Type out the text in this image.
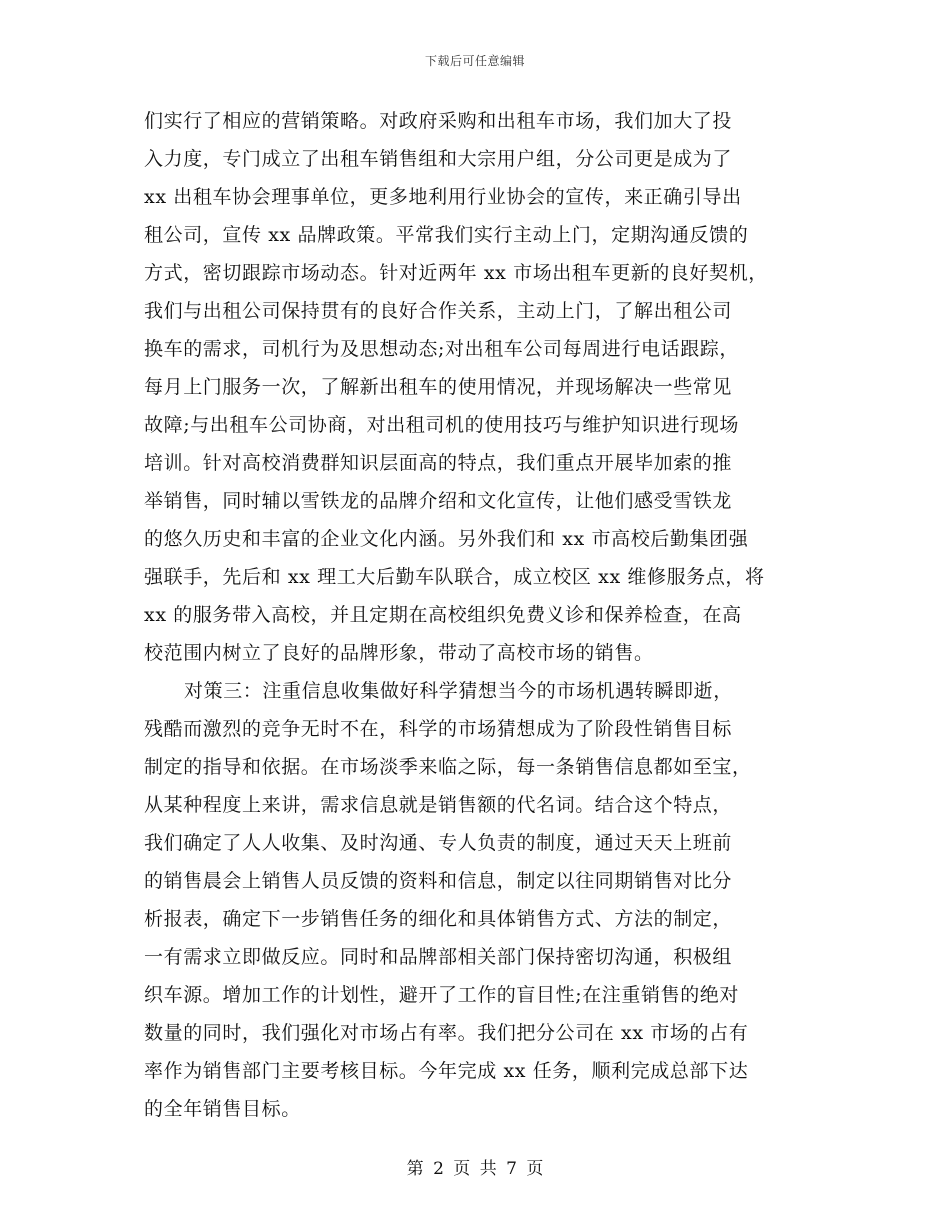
下载后可任意编辑
们实行了相应的营销策略。对政府采购和出租车市场，我们加大了投
入力度，专门成立了出租车销售组和大宗用户组，分公司更是成为了
xx 出租车协会理事单位，更多地利用行业协会的宣传，来正确引导出
租公司，宣传 xx 品牌政策。平常我们实行主动上门，定期沟通反馈的
方式，密切跟踪市场动态。针对近两年 xx 市场出租车更新的良好契机，
我们与出租公司保持贯有的良好合作关系，主动上门，了解出租公司
换车的需求，司机行为及思想动态;对出租车公司每周进行电话跟踪，
每月上门服务一次，了解新出租车的使用情况，并现场解决一些常见
故障;与出租车公司协商，对出租司机的使用技巧与维护知识进行现场
培训。针对高校消费群知识层面高的特点，我们重点开展毕加索的推
举销售，同时辅以雪铁龙的品牌介绍和文化宣传，让他们感受雪铁龙
的悠久历史和丰富的企业文化内涵。另外我们和 xx 市高校后勤集团强
强联手，先后和 xx 理工大后勤车队联合，成立校区 xx 维修服务点，将
xx 的服务带入高校，并且定期在高校组织免费义诊和保养检查，在高
校范围内树立了良好的品牌形象，带动了高校市场的销售。
对策三：注重信息收集做好科学猜想当今的市场机遇转瞬即逝，
残酷而激烈的竞争无时不在，科学的市场猜想成为了阶段性销售目标
制定的指导和依据。在市场淡季来临之际，每一条销售信息都如至宝，
从某种程度上来讲，需求信息就是销售额的代名词。结合这个特点，
我们确定了人人收集、及时沟通、专人负责的制度，通过天天上班前
的销售晨会上销售人员反馈的资料和信息，制定以往同期销售对比分
析报表，确定下一步销售任务的细化和具体销售方式、方法的制定，
一有需求立即做反应。同时和品牌部相关部门保持密切沟通，积极组
织车源。增加工作的计划性，避开了工作的盲目性;在注重销售的绝对
数量的同时，我们强化对市场占有率。我们把分公司在 xx 市场的占有
率作为销售部门主要考核目标。今年完成 xx 任务，顺利完成总部下达
的全年销售目标。
第 2 页 共 7 页
